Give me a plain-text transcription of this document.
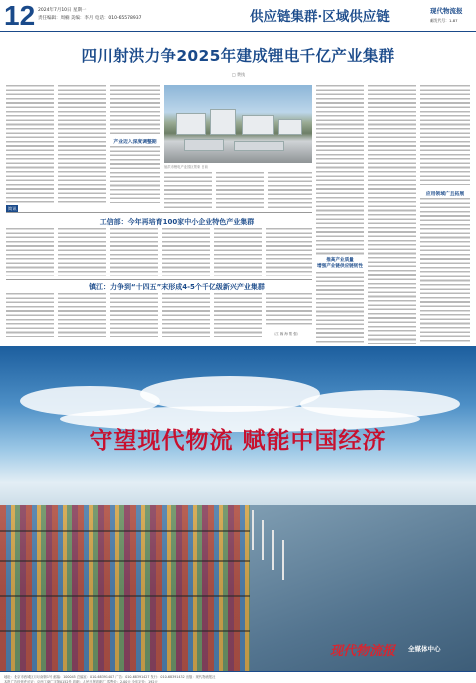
12 2024年7月10日 星期一
责任编辑：周楠 美编：李月 电话：010-65578937	供应链集群·区域供应链	现代物流报
邮发代号：1-87
四川射洪力争2025年建成锂电千亿产业集群
□ 费钱
产业迈入深度调整期
射洪市锂电产业园区景象 日前
推高产业质量
增强产业链供应链韧性
应用领域广且拓展
简讯
工信部：今年再培育100家中小企业特色产业集群
镇江：力争到“十四五”末形成4-5个千亿级新兴产业集群
（江 翰 海 帮 强）
守望现代物流 赋能中国经济
现代物流报 全媒体中心
地址：北京市西城区月坛南街1号 邮编：100045 总编室：010-68391407 广告：010-68391427 发行：010-68391432 出版：现代物流报社
本报广告经营许可证：京西工商广字第0152号 印刷：人民日报印刷厂 零售价：2.00元 全年定价：192元
